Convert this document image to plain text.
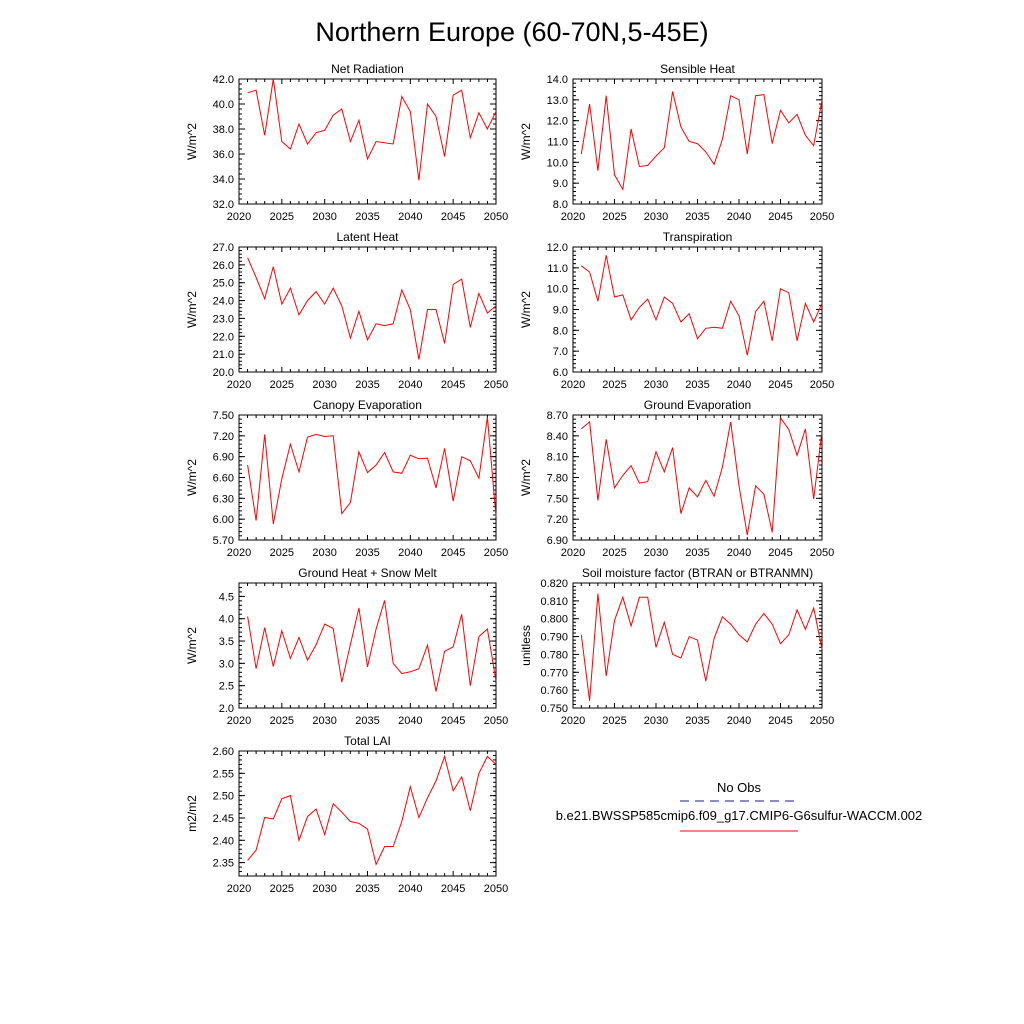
Northern Europe (60-70N,5-45E)
Net Radiation
W/m^2
2020 2025 2030 2035 2040 2045 2050
32.0
34.0
36.0
38.0
40.0
42.0
Sensible Heat
W/m^2
2020 2025 2030 2035 2040 2045 2050
8.0
9.0
10.0
11.0
12.0
13.0
14.0
Latent Heat
W/m^2
2020 2025 2030 2035 2040 2045 2050
20.0
21.0
22.0
23.0
24.0
25.0
26.0
27.0
Transpiration
W/m^2
2020 2025 2030 2035 2040 2045 2050
6.0
7.0
8.0
9.0
10.0
11.0
12.0
Canopy Evaporation
W/m^2
2020 2025 2030 2035 2040 2045 2050
5.70
6.00
6.30
6.60
6.90
7.20
7.50
Ground Evaporation
W/m^2
2020 2025 2030 2035 2040 2045 2050
6.90
7.20
7.50
7.80
8.10
8.40
8.70
Ground Heat + Snow Melt
W/m^2
2020 2025 2030 2035 2040 2045 2050
2.0
2.5
3.0
3.5
4.0
4.5
Soil moisture factor (BTRAN or BTRANMN)
unitless
2020 2025 2030 2035 2040 2045 2050
0.750
0.760
0.770
0.780
0.790
0.800
0.810
0.820
Total LAI
m2/m2
2020 2025 2030 2035 2040 2045 2050
2.35
2.40
2.45
2.50
2.55
2.60
No Obs
b.e21.BWSSP585cmip6.f09_g17.CMIP6-G6sulfur-WACCM.002
